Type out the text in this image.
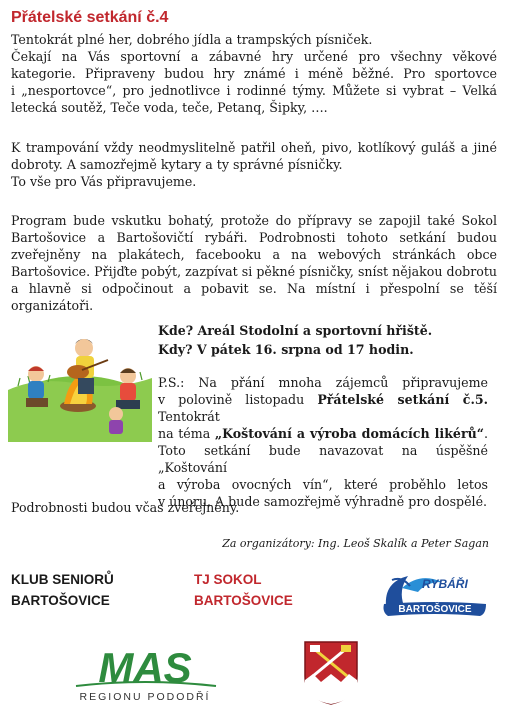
Přátelské setkání č.4
Tentokrát plné her, dobrého jídla a trampských písniček.
Čekají na Vás sportovní a zábavné hry určené pro všechny věkové
kategorie. Připraveny budou hry známé i méně běžné. Pro sportovce
i „nesportovce“, pro jednotlivce i rodinné týmy. Můžete si vybrat – Velká
letecká soutěž, Teče voda, teče, Petanq, Šipky, ….
K trampování vždy neodmyslitelně patřil oheň, pivo, kotlíkový guláš a jiné
dobroty. A samozřejmě kytary a ty správné písničky.
To vše pro Vás připravujeme.
Program bude vskutku bohatý, protože do přípravy se zapojil také Sokol
Bartošovice a Bartošovičtí rybáři. Podrobnosti tohoto setkání budou
zveřejněny na plakátech, facebooku a na webových stránkách obce
Bartošovice. Přijďte pobýt, zazpívat si pěkné písničky, sníst nějakou dobrotu
a hlavně si odpočinout a pobavit se. Na místní i přespolní se těší
organizátoři.
Kde? Areál Stodolní a sportovní hřiště.
Kdy? V pátek 16. srpna od 17 hodin.
P.S.: Na přání mnoha zájemců připravujeme
v polovině listopadu Přátelské setkání č.5. Tentokrát
na téma „Koštování a výroba domácích likérů“.
Toto setkání bude navazovat na úspěšné „Koštování
a výroba ovocných vín“, které proběhlo letos
v únoru. A bude samozřejmě výhradně pro dospělé.
Podrobnosti budou včas zveřejněny.
Za organizátory: Ing. Leoš Skalík a Peter Sagan
KLUB SENIORŮ
BARTOŠOVICE
TJ SOKOL
BARTOŠOVICE
RYBÁŘI
BARTOŠOVICE
MAS
REGIONU PODODŘÍ
